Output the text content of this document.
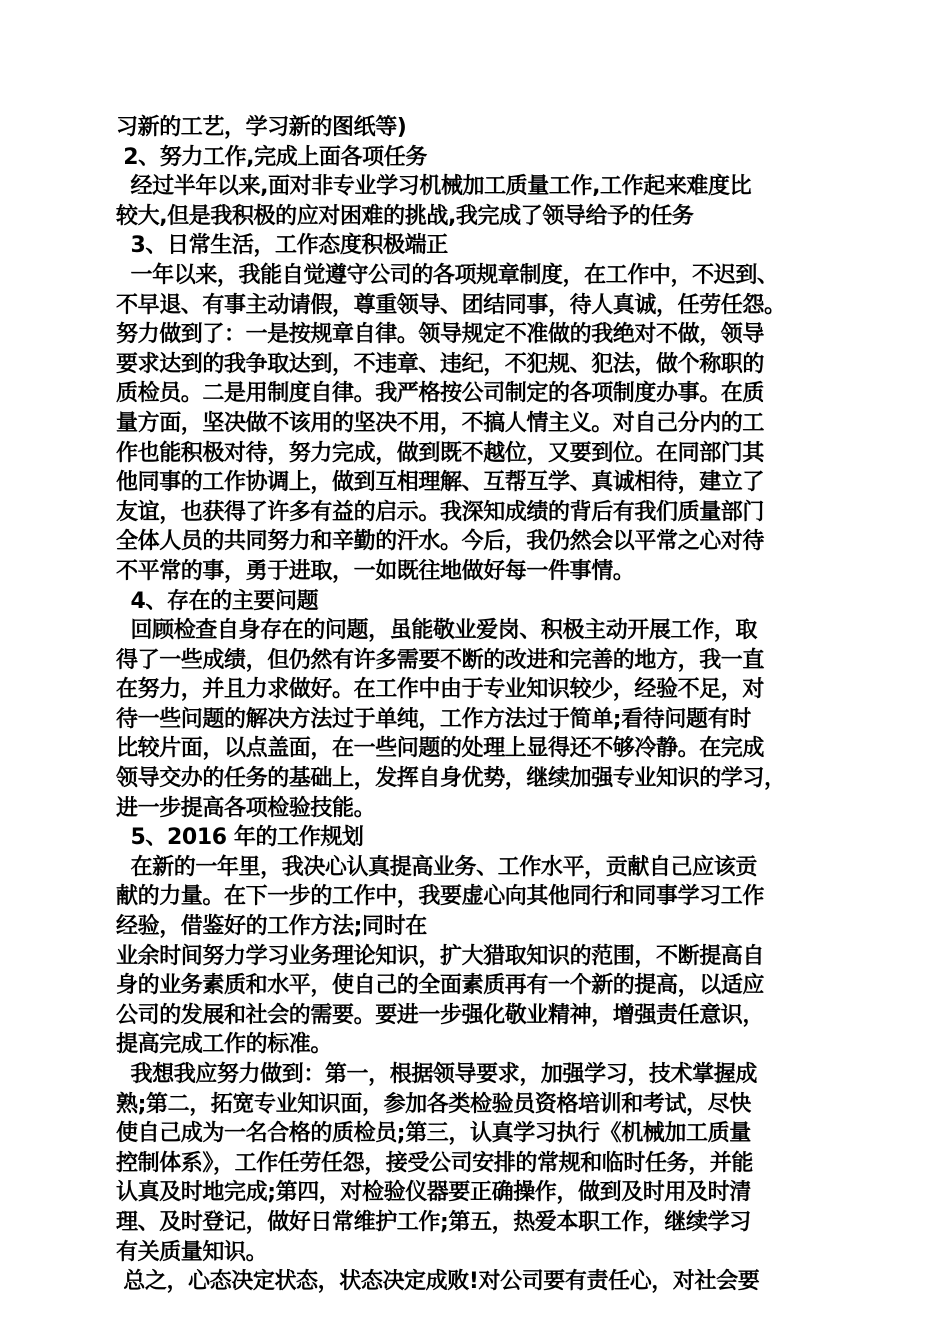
习新的工艺，学习新的图纸等)
2、努力工作,完成上面各项任务
经过半年以来,面对非专业学习机械加工质量工作,工作起来难度比
较大,但是我积极的应对困难的挑战,我完成了领导给予的任务
3、日常生活，工作态度积极端正
一年以来，我能自觉遵守公司的各项规章制度，在工作中，不迟到、
不早退、有事主动请假，尊重领导、团结同事，待人真诚，任劳任怨。
努力做到了：一是按规章自律。领导规定不准做的我绝对不做，领导
要求达到的我争取达到，不违章、违纪，不犯规、犯法，做个称职的
质检员。二是用制度自律。我严格按公司制定的各项制度办事。在质
量方面，坚决做不该用的坚决不用，不搞人情主义。对自己分内的工
作也能积极对待，努力完成，做到既不越位，又要到位。在同部门其
他同事的工作协调上，做到互相理解、互帮互学、真诚相待，建立了
友谊，也获得了许多有益的启示。我深知成绩的背后有我们质量部门
全体人员的共同努力和辛勤的汗水。今后，我仍然会以平常之心对待
不平常的事，勇于进取，一如既往地做好每一件事情。
4、存在的主要问题
回顾检查自身存在的问题，虽能敬业爱岗、积极主动开展工作，取
得了一些成绩，但仍然有许多需要不断的改进和完善的地方，我一直
在努力，并且力求做好。在工作中由于专业知识较少，经验不足，对
待一些问题的解决方法过于单纯，工作方法过于简单;看待问题有时
比较片面，以点盖面，在一些问题的处理上显得还不够冷静。在完成
领导交办的任务的基础上，发挥自身优势，继续加强专业知识的学习，
进一步提高各项检验技能。
5、2016 年的工作规划
在新的一年里，我决心认真提高业务、工作水平，贡献自己应该贡
献的力量。在下一步的工作中，我要虚心向其他同行和同事学习工作
经验，借鉴好的工作方法;同时在
业余时间努力学习业务理论知识，扩大猎取知识的范围，不断提高自
身的业务素质和水平，使自己的全面素质再有一个新的提高，以适应
公司的发展和社会的需要。要进一步强化敬业精神，增强责任意识，
提高完成工作的标准。
我想我应努力做到：第一，根据领导要求，加强学习，技术掌握成
熟;第二，拓宽专业知识面，参加各类检验员资格培训和考试，尽快
使自己成为一名合格的质检员;第三，认真学习执行《机械加工质量
控制体系》，工作任劳任怨，接受公司安排的常规和临时任务，并能
认真及时地完成;第四，对检验仪器要正确操作，做到及时用及时清
理、及时登记，做好日常维护工作;第五，热爱本职工作，继续学习
有关质量知识。
总之，心态决定状态，状态决定成败!对公司要有责任心，对社会要
